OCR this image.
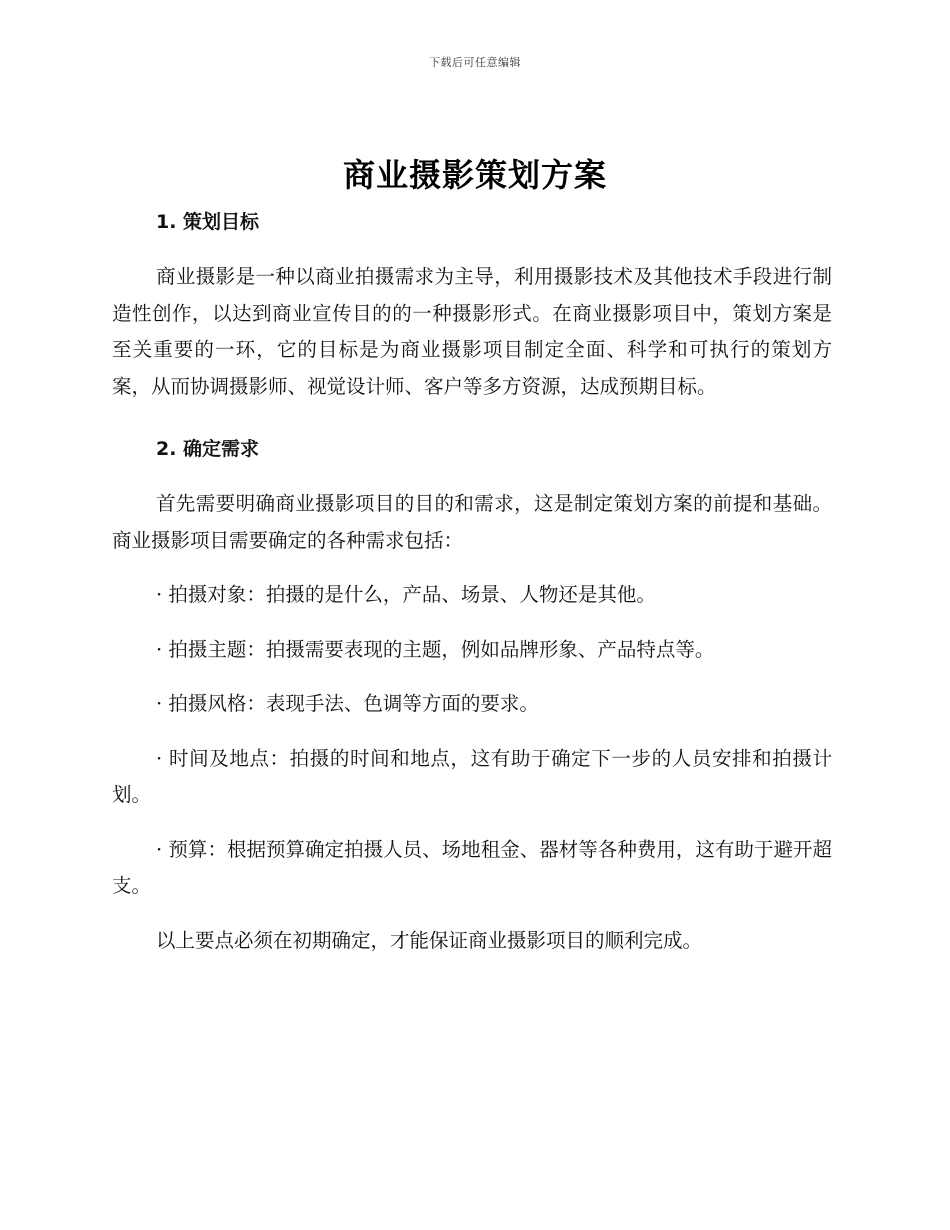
下载后可任意编辑
商业摄影策划方案
1. 策划目标

商业摄影是一种以商业拍摄需求为主导，利用摄影技术及其他技术手段进行制造性创作，以达到商业宣传目的的一种摄影形式。在商业摄影项目中，策划方案是至关重要的一环，它的目标是为商业摄影项目制定全面、科学和可执行的策划方案，从而协调摄影师、视觉设计师、客户等多方资源，达成预期目标。

2. 确定需求

首先需要明确商业摄影项目的目的和需求，这是制定策划方案的前提和基础。商业摄影项目需要确定的各种需求包括：

· 拍摄对象：拍摄的是什么，产品、场景、人物还是其他。

· 拍摄主题：拍摄需要表现的主题，例如品牌形象、产品特点等。

· 拍摄风格：表现手法、色调等方面的要求。

· 时间及地点：拍摄的时间和地点，这有助于确定下一步的人员安排和拍摄计划。

· 预算：根据预算确定拍摄人员、场地租金、器材等各种费用，这有助于避开超支。

以上要点必须在初期确定，才能保证商业摄影项目的顺利完成。
